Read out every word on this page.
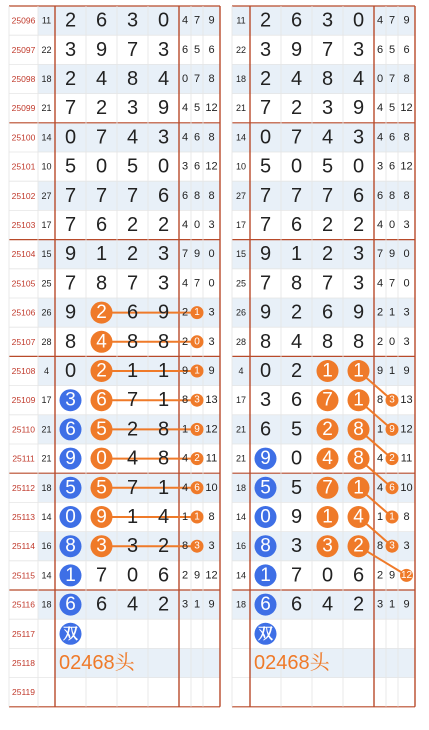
02468头
25096 11 2 6 3 0 4 7 9
25097 22 3 9 7 3 6 5 6
25098 18 2 4 8 4 0 7 8
25099 21 7 2 3 9 4 5 12
25100 14 0 7 4 3 4 6 8
25101 10 5 0 5 0 3 6 12
25102 27 7 7 7 6 6 8 8
25103 17 7 6 2 2 4 0 3
25104 15 9 1 2 3 7 9 0
25105 25 7 8 7 3 4 7 0
25106 26 9 2 6 9 2 1 3
25107 28 8 4 8 8 2 0 3
25108 4 0 2 1 1 9 1 9
25109 17 3 6 7 1 8 3 13
25110 21 6 5 2 8 1 9 12
25111 21 9 0 4 8 4 2 11
25112 18 5 5 7 1 4 6 10
25113 14 0 9 1 4 1 1 8
25114 16 8 3 3 2 8 3 3
25115 14 1 7 0 6 2 9 12
25116 18 6 6 4 2 3 1 9
25117
25118
25119
双
02468头
11 2 6 3 0 4 7 9
22 3 9 7 3 6 5 6
18 2 4 8 4 0 7 8
21 7 2 3 9 4 5 12
14 0 7 4 3 4 6 8
10 5 0 5 0 3 6 12
27 7 7 7 6 6 8 8
17 7 6 2 2 4 0 3
15 9 1 2 3 7 9 0
25 7 8 7 3 4 7 0
26 9 2 6 9 2 1 3
28 8 4 8 8 2 0 3
4 0 2 1 1 9 1 9
17 3 6 7 1 8 3 13
21 6 5 2 8 1 9 12
21 9 0 4 8 4 2 11
18 5 5 7 1 4 6 10
14 0 9 1 4 1 1 8
16 8 3 3 2 8 3 3
14 1 7 0 6 2 9 12
18 6 6 4 2 3 1 9
双
